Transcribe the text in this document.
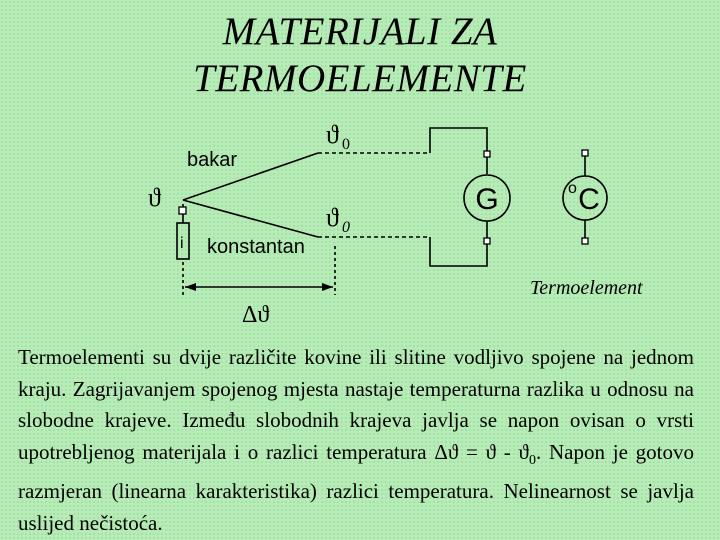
MATERIJALI ZA
TERMOELEMENTE
bakar
konstantan
ϑ
ϑ 0
ϑ 0
Δϑ
i
G	C
o
Termoelement
Termoelementi su dvije različite kovine ili slitine vodljivo spojene na jednom kraju. Zagrijavanjem spojenog mjesta nastaje temperaturna razlika u odnosu na slobodne krajeve. Između slobodnih krajeva javlja se napon ovisan o vrsti upotrebljenog materijala i o razlici temperatura $\Delta ϑ = ϑ - ϑ_0$. Napon je gotovo razmjeran (linearna karakteristika) razlici temperatura. Nelinearnost se javlja uslijed nečistoća.
